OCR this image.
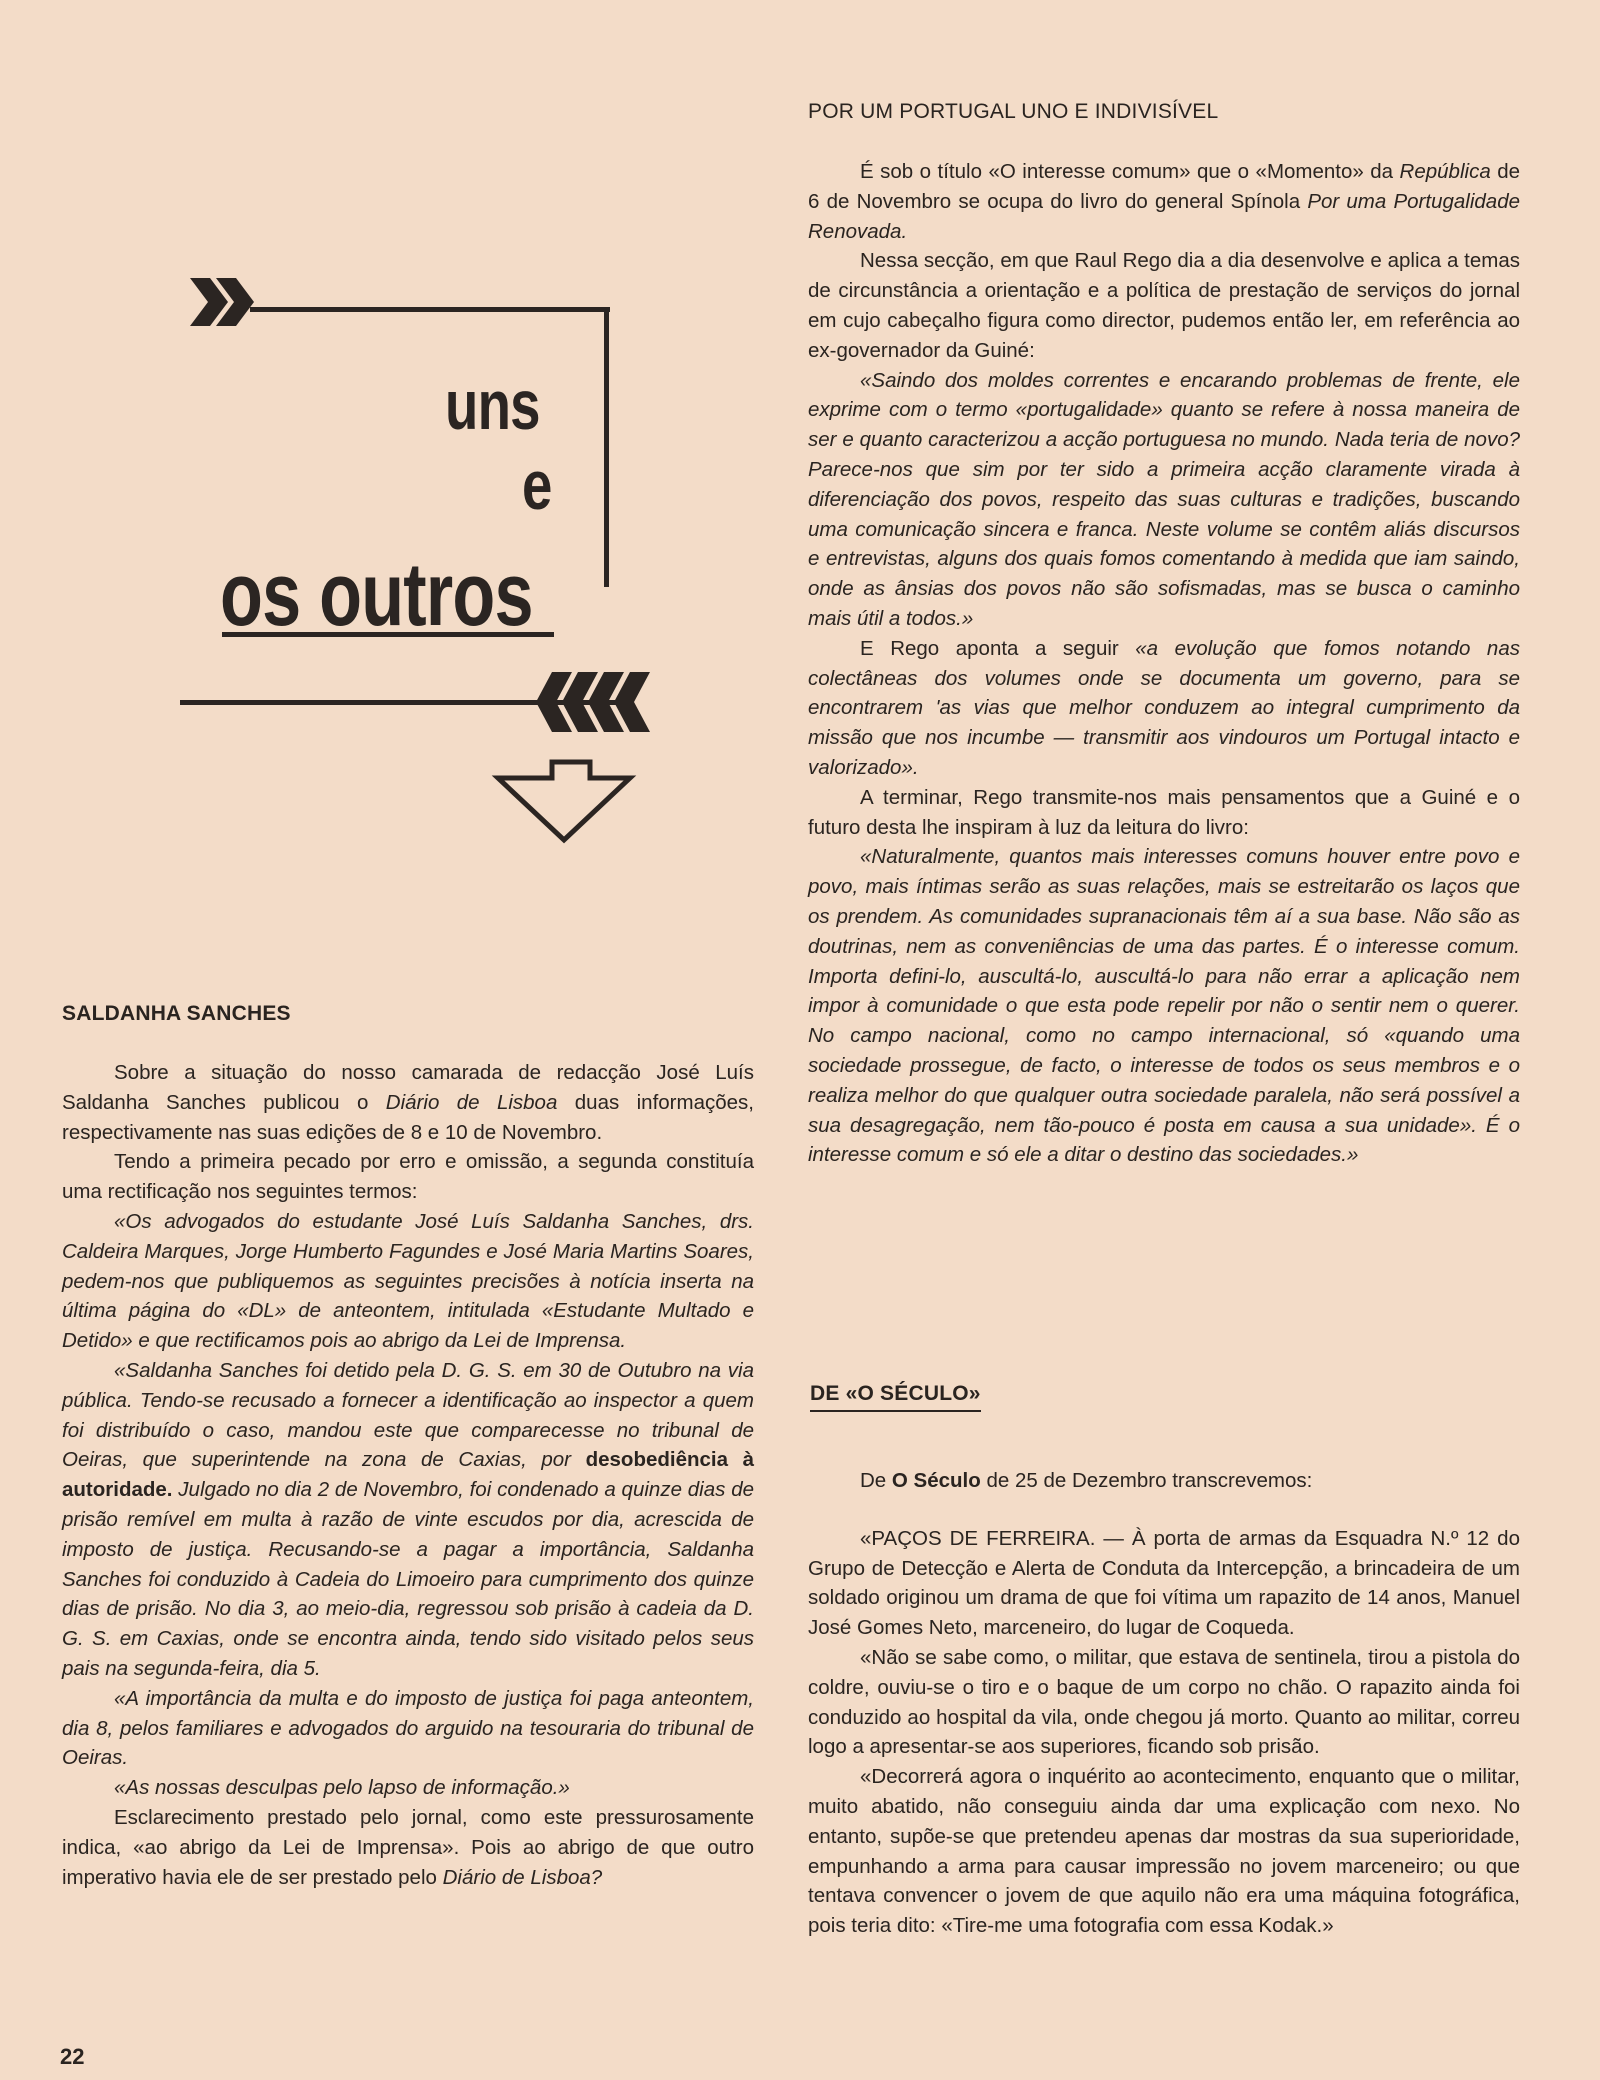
uns
e
os outros
POR UM PORTUGAL UNO E INDIVISÍVEL
SALDANHA SANCHES
DE «O SÉCULO»

Sobre a situação do nosso camarada de redacção José Luís Saldanha Sanches publicou o Diário de Lisboa duas informações, respectivamente nas suas edições de 8 e 10 de Novembro.

Tendo a primeira pecado por erro e omissão, a segunda constituía uma rectificação nos seguintes termos:

«Os advogados do estudante José Luís Saldanha Sanches, drs. Caldeira Marques, Jorge Humberto Fagundes e José Maria Martins Soares, pedem-nos que publiquemos as seguintes precisões à notícia inserta na última página do «DL» de anteontem, intitulada «Estudante Multado e Detido» e que rectificamos pois ao abrigo da Lei de Imprensa.

«Saldanha Sanches foi detido pela D. G. S. em 30 de Outubro na via pública. Tendo-se recusado a fornecer a identificação ao inspector a quem foi distribuído o caso, mandou este que comparecesse no tribunal de Oeiras, que superintende na zona de Caxias, por desobediência à autoridade. Julgado no dia 2 de Novembro, foi condenado a quinze dias de prisão remível em multa à razão de vinte escudos por dia, acrescida de imposto de justiça. Recusando-se a pagar a importância, Saldanha Sanches foi conduzido à Cadeia do Limoeiro para cumprimento dos quinze dias de prisão. No dia 3, ao meio-dia, regressou sob prisão à cadeia da D. G. S. em Caxias, onde se encontra ainda, tendo sido visitado pelos seus pais na segunda-feira, dia 5.

«A importância da multa e do imposto de justiça foi paga anteontem, dia 8, pelos familiares e advogados do arguido na tesouraria do tribunal de Oeiras.

«As nossas desculpas pelo lapso de informação.»

Esclarecimento prestado pelo jornal, como este pressurosamente indica, «ao abrigo da Lei de Imprensa». Pois ao abrigo de que outro imperativo havia ele de ser prestado pelo Diário de Lisboa?

É sob o título «O interesse comum» que o «Momento» da República de 6 de Novembro se ocupa do livro do general Spínola Por uma Portugalidade Renovada.

Nessa secção, em que Raul Rego dia a dia desenvolve e aplica a temas de circunstância a orientação e a política de prestação de serviços do jornal em cujo cabeçalho figura como director, pudemos então ler, em referência ao ex-governador da Guiné:

«Saindo dos moldes correntes e encarando problemas de frente, ele exprime com o termo «portugalidade» quanto se refere à nossa maneira de ser e quanto caracterizou a acção portuguesa no mundo. Nada teria de novo? Parece-nos que sim por ter sido a primeira acção claramente virada à diferenciação dos povos, respeito das suas culturas e tradições, buscando uma comunicação sincera e franca. Neste volume se contêm aliás discursos e entrevistas, alguns dos quais fomos comentando à medida que iam saindo, onde as ânsias dos povos não são sofismadas, mas se busca o caminho mais útil a todos.»

E Rego aponta a seguir «a evolução que fomos notando nas colectâneas dos volumes onde se documenta um governo, para se encontrarem 'as vias que melhor conduzem ao integral cumprimento da missão que nos incumbe — transmitir aos vindouros um Portugal intacto e valorizado».

A terminar, Rego transmite-nos mais pensamentos que a Guiné e o futuro desta lhe inspiram à luz da leitura do livro:

«Naturalmente, quantos mais interesses comuns houver entre povo e povo, mais íntimas serão as suas relações, mais se estreitarão os laços que os prendem. As comunidades supranacionais têm aí a sua base. Não são as doutrinas, nem as conveniências de uma das partes. É o interesse comum. Importa defini-lo, auscultá-lo, auscultá-lo para não errar a aplicação nem impor à comunidade o que esta pode repelir por não o sentir nem o querer. No campo nacional, como no campo internacional, só «quando uma sociedade prossegue, de facto, o interesse de todos os seus membros e o realiza melhor do que qualquer outra sociedade paralela, não será possível a sua desagregação, nem tão-pouco é posta em causa a sua unidade». É o interesse comum e só ele a ditar o destino das sociedades.»

De O Século de 25 de Dezembro transcrevemos:

«PAÇOS DE FERREIRA. — À porta de armas da Esquadra N.º 12 do Grupo de Detecção e Alerta de Conduta da Intercepção, a brincadeira de um soldado originou um drama de que foi vítima um rapazito de 14 anos, Manuel José Gomes Neto, marceneiro, do lugar de Coqueda.

«Não se sabe como, o militar, que estava de sentinela, tirou a pistola do coldre, ouviu-se o tiro e o baque de um corpo no chão. O rapazito ainda foi conduzido ao hospital da vila, onde chegou já morto. Quanto ao militar, correu logo a apresentar-se aos superiores, ficando sob prisão.

«Decorrerá agora o inquérito ao acontecimento, enquanto que o militar, muito abatido, não conseguiu ainda dar uma explicação com nexo. No entanto, supõe-se que pretendeu apenas dar mostras da sua superioridade, empunhando a arma para causar impressão no jovem marceneiro; ou que tentava convencer o jovem de que aquilo não era uma máquina fotográfica, pois teria dito: «Tire-me uma fotografia com essa Kodak.»

22
